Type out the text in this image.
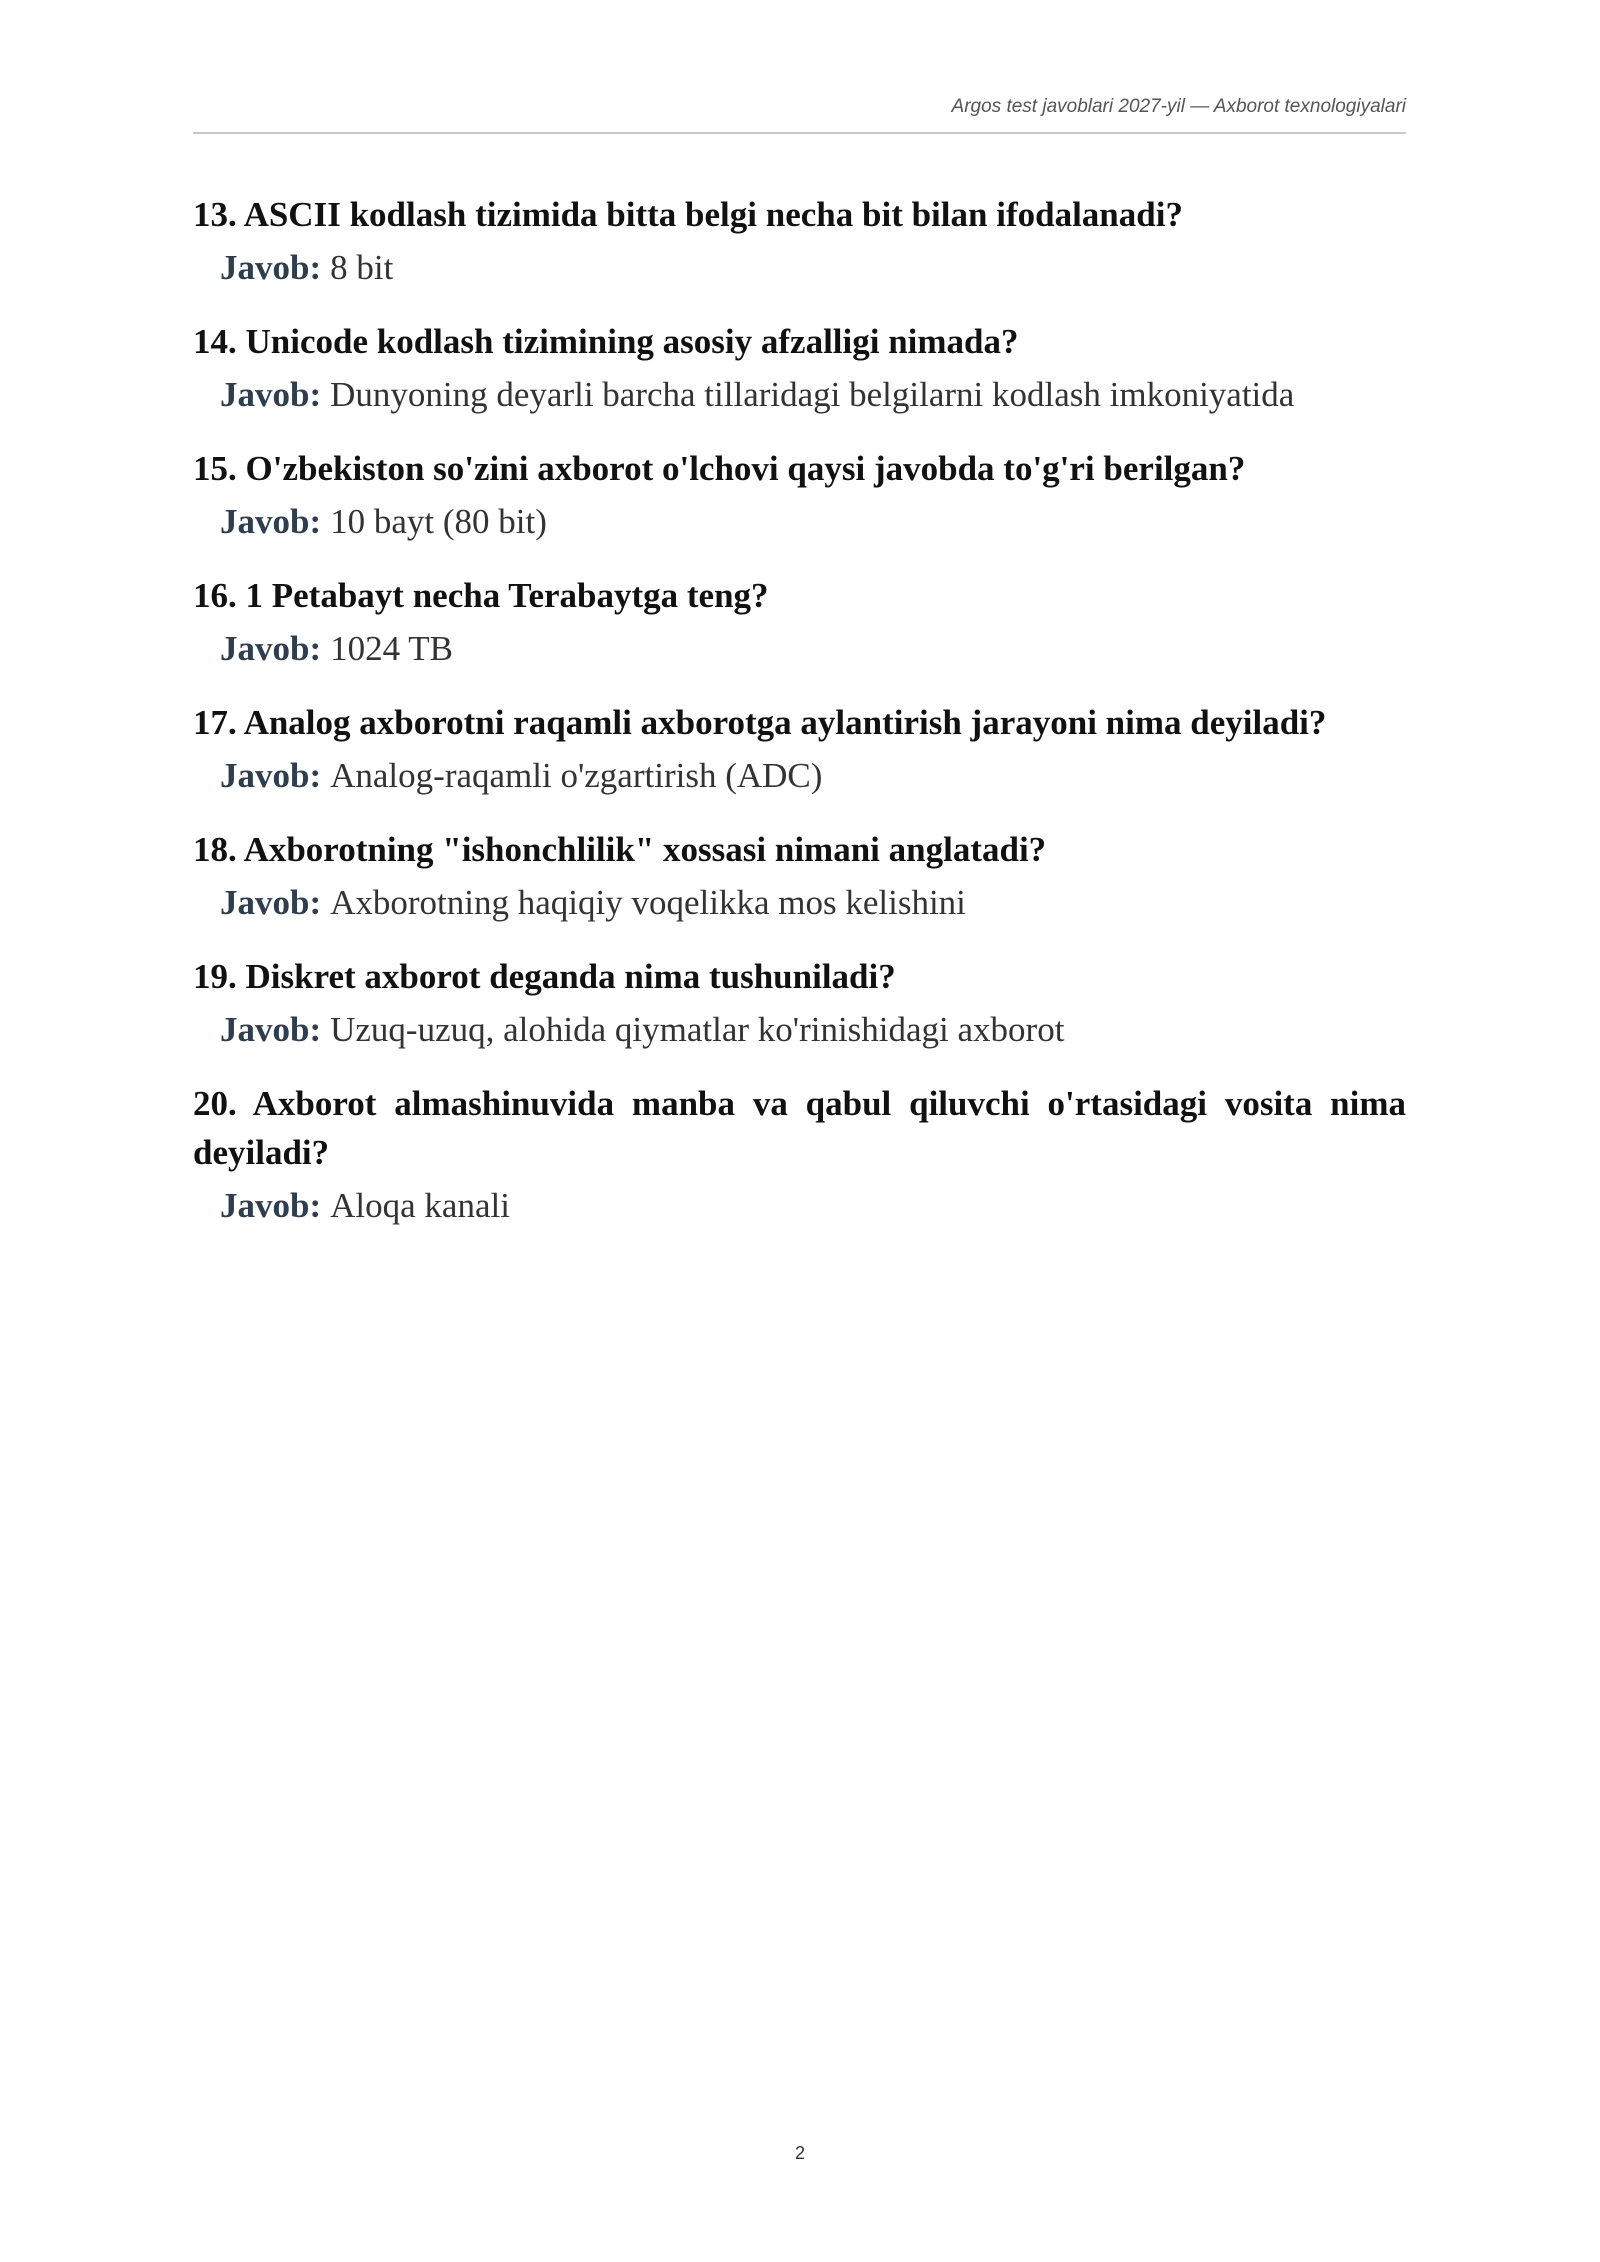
Argos test javoblari 2027-yil — Axborot texnologiyalari

13. ASCII kodlash tizimida bitta belgi necha bit bilan ifodalanadi?

Javob: 8 bit

14. Unicode kodlash tizimining asosiy afzalligi nimada?

Javob: Dunyoning deyarli barcha tillaridagi belgilarni kodlash imkoniyatida

15. O'zbekiston so'zini axborot o'lchovi qaysi javobda to'g'ri berilgan?

Javob: 10 bayt (80 bit)

16. 1 Petabayt necha Terabaytga teng?

Javob: 1024 TB

17. Analog axborotni raqamli axborotga aylantirish jarayoni nima deyiladi?

Javob: Analog-raqamli o'zgartirish (ADC)

18. Axborotning "ishonchlilik" xossasi nimani anglatadi?

Javob: Axborotning haqiqiy voqelikka mos kelishini

19. Diskret axborot deganda nima tushuniladi?

Javob: Uzuq-uzuq, alohida qiymatlar ko'rinishidagi axborot

20. Axborot almashinuvida manba va qabul qiluvchi o'rtasidagi vosita nima deyiladi?

Javob: Aloqa kanali

2
